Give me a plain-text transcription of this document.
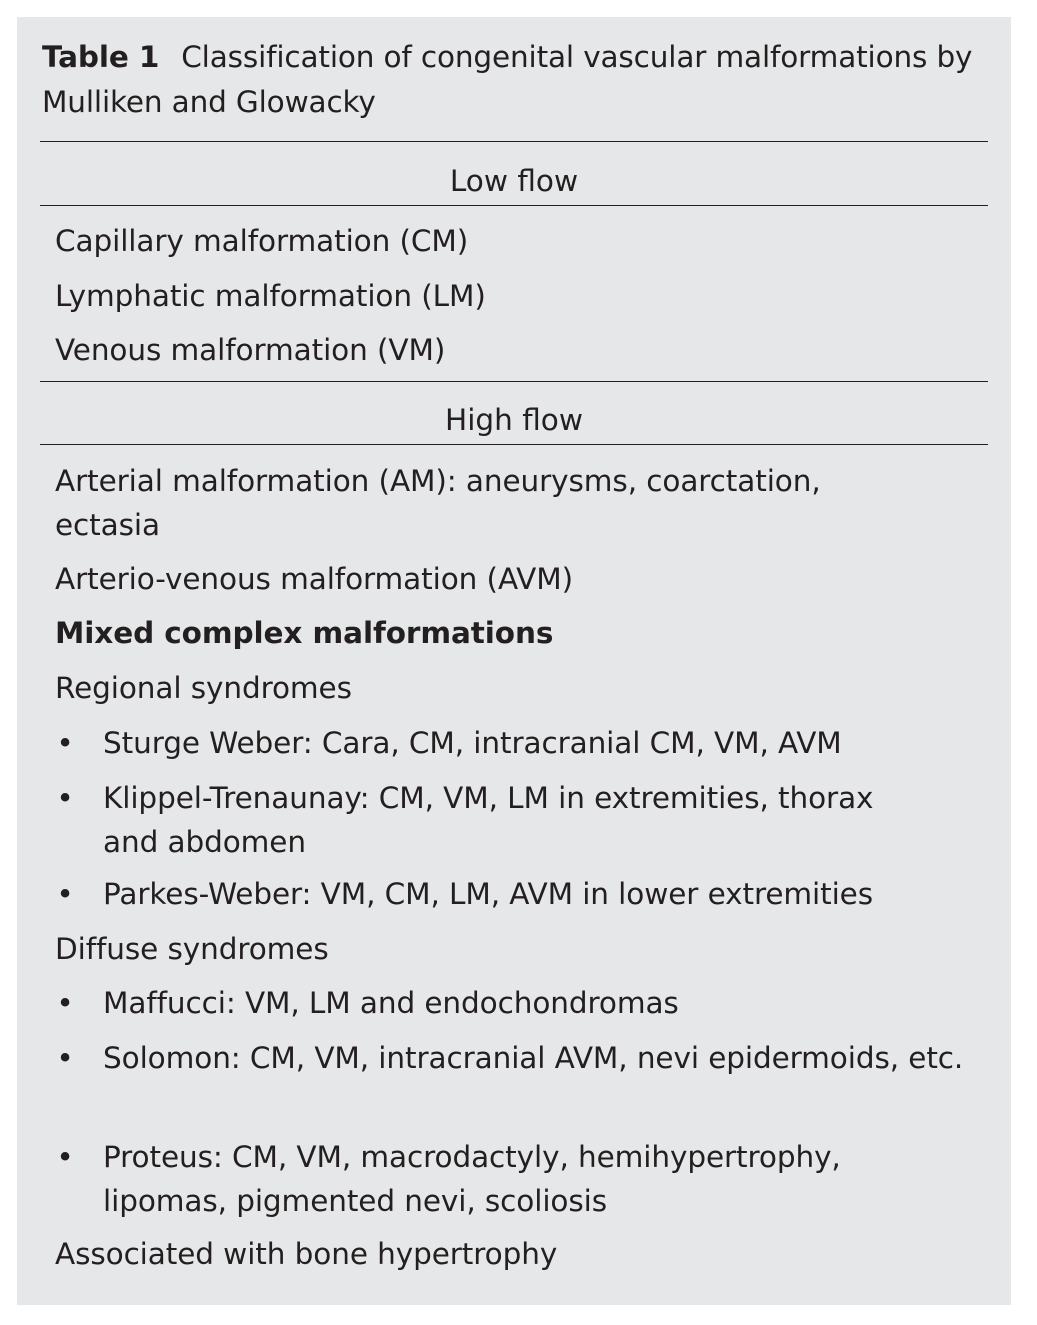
Table 1 Classification of congenital vascular malformations by Mulliken and Glowacky
Low flow
Capillary malformation (CM)
Lymphatic malformation (LM)
Venous malformation (VM)
High flow
Arterial malformation (AM): aneurysms, coarctation, ectasia
Arterio-venous malformation (AVM)
Mixed complex malformations
Regional syndromes
• Sturge Weber: Cara, CM, intracranial CM, VM, AVM
• Klippel-Trenaunay: CM, VM, LM in extremities, thorax and abdomen
• Parkes-Weber: VM, CM, LM, AVM in lower extremities
Diffuse syndromes
• Maffucci: VM, LM and endochondromas
• Solomon: CM, VM, intracranial AVM, nevi epidermoids, etc.
• Proteus: CM, VM, macrodactyly, hemihypertrophy, lipomas, pigmented nevi, scoliosis
Associated with bone hypertrophy
